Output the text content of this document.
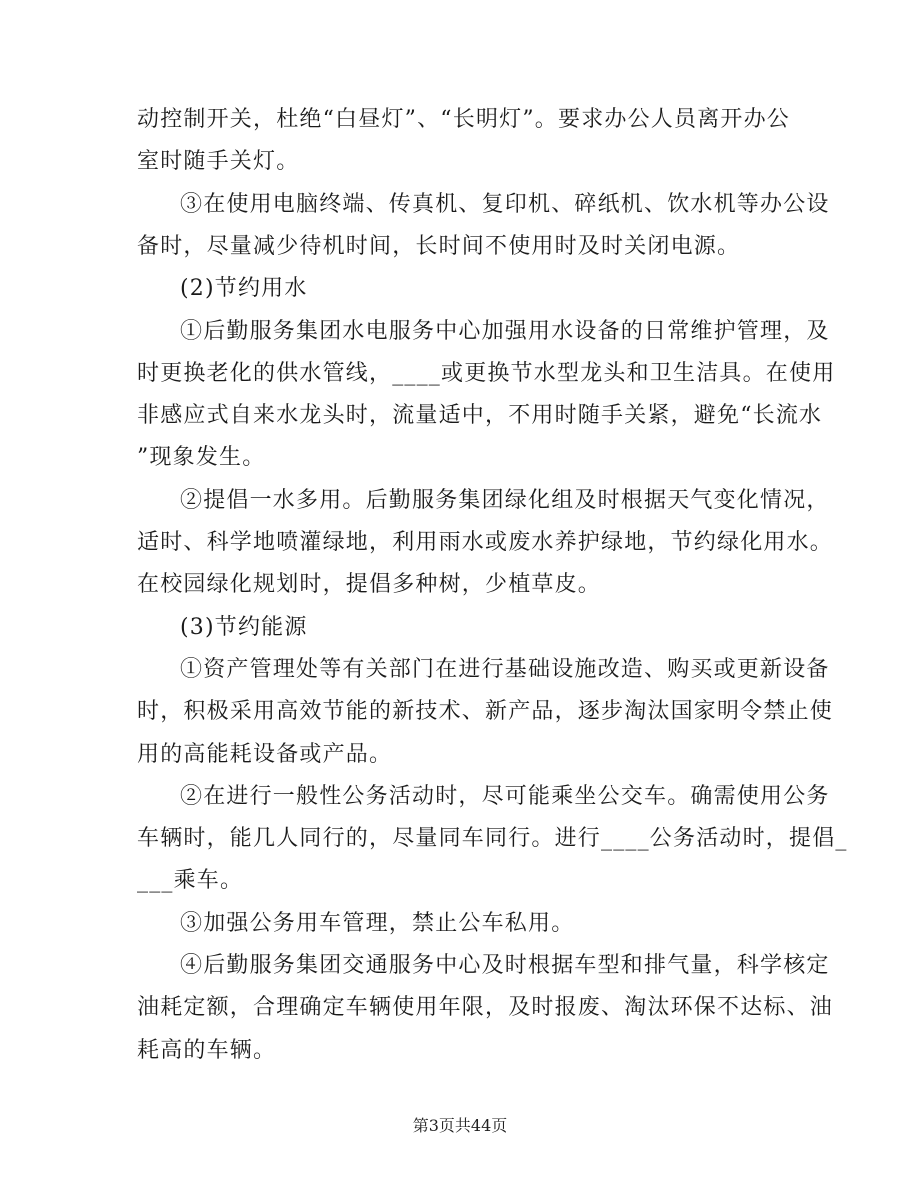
动控制开关，杜绝“白昼灯”、“长明灯”。要求办公人员离开办公
室时随手关灯。
③在使用电脑终端、传真机、复印机、碎纸机、饮水机等办公设
备时，尽量减少待机时间，长时间不使用时及时关闭电源。
(2)节约用水
①后勤服务集团水电服务中心加强用水设备的日常维护管理，及
时更换老化的供水管线，____或更换节水型龙头和卫生洁具。在使用
非感应式自来水龙头时，流量适中，不用时随手关紧，避免“长流水
”现象发生。
②提倡一水多用。后勤服务集团绿化组及时根据天气变化情况，
适时、科学地喷灌绿地，利用雨水或废水养护绿地，节约绿化用水。
在校园绿化规划时，提倡多种树，少植草皮。
(3)节约能源
①资产管理处等有关部门在进行基础设施改造、购买或更新设备
时，积极采用高效节能的新技术、新产品，逐步淘汰国家明令禁止使
用的高能耗设备或产品。
②在进行一般性公务活动时，尽可能乘坐公交车。确需使用公务
车辆时，能几人同行的，尽量同车同行。进行____公务活动时，提倡_
___乘车。
③加强公务用车管理，禁止公车私用。
④后勤服务集团交通服务中心及时根据车型和排气量，科学核定
油耗定额，合理确定车辆使用年限，及时报废、淘汰环保不达标、油
耗高的车辆。
第3页共44页
